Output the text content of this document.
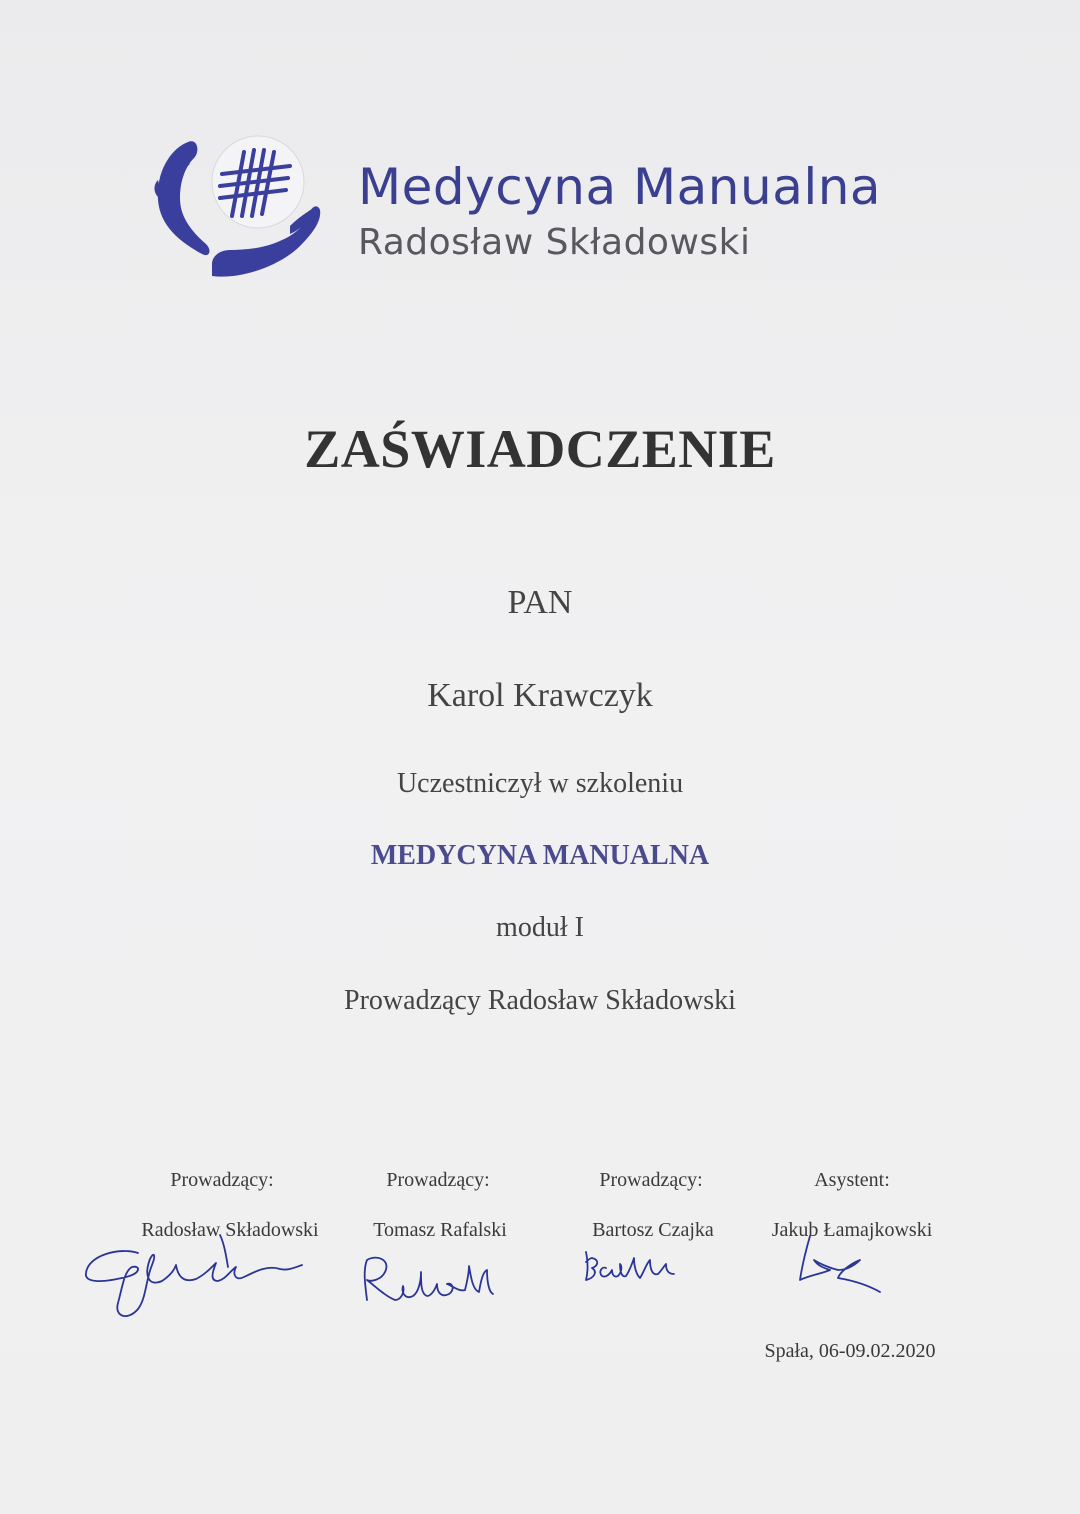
Medycyna Manualna
Radosław Składowski
ZAŚWIADCZENIE
PAN
Karol Krawczyk
Uczestniczył w szkoleniu
MEDYCYNA MANUALNA
moduł I
Prowadzący Radosław Składowski
Prowadzący:
Radosław Składowski
Prowadzący:
Tomasz Rafalski
Prowadzący:
Bartosz Czajka
Asystent:
Jakub Łamajkowski
Spała, 06-09.02.2020
